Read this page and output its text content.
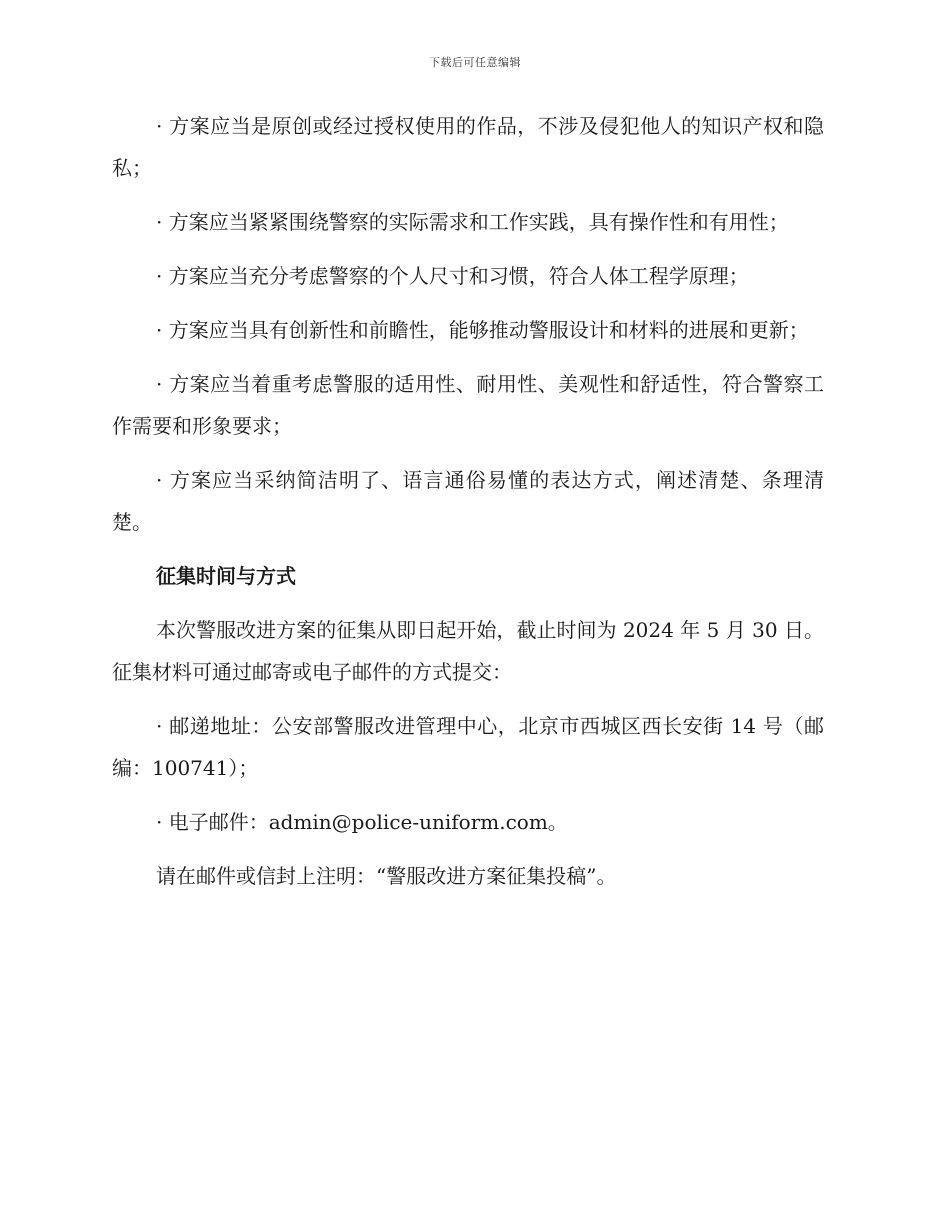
下载后可任意编辑

· 方案应当是原创或经过授权使用的作品，不涉及侵犯他人的知识产权和隐私；

· 方案应当紧紧围绕警察的实际需求和工作实践，具有操作性和有用性；

· 方案应当充分考虑警察的个人尺寸和习惯，符合人体工程学原理；

· 方案应当具有创新性和前瞻性，能够推动警服设计和材料的进展和更新；

· 方案应当着重考虑警服的适用性、耐用性、美观性和舒适性，符合警察工作需要和形象要求；

· 方案应当采纳简洁明了、语言通俗易懂的表达方式，阐述清楚、条理清楚。

征集时间与方式

本次警服改进方案的征集从即日起开始，截止时间为 2024 年 5 月 30 日。征集材料可通过邮寄或电子邮件的方式提交：

· 邮递地址：公安部警服改进管理中心，北京市西城区西长安街 14 号（邮编：100741）；

· 电子邮件：admin@police-uniform.com。

请在邮件或信封上注明：“警服改进方案征集投稿”。
